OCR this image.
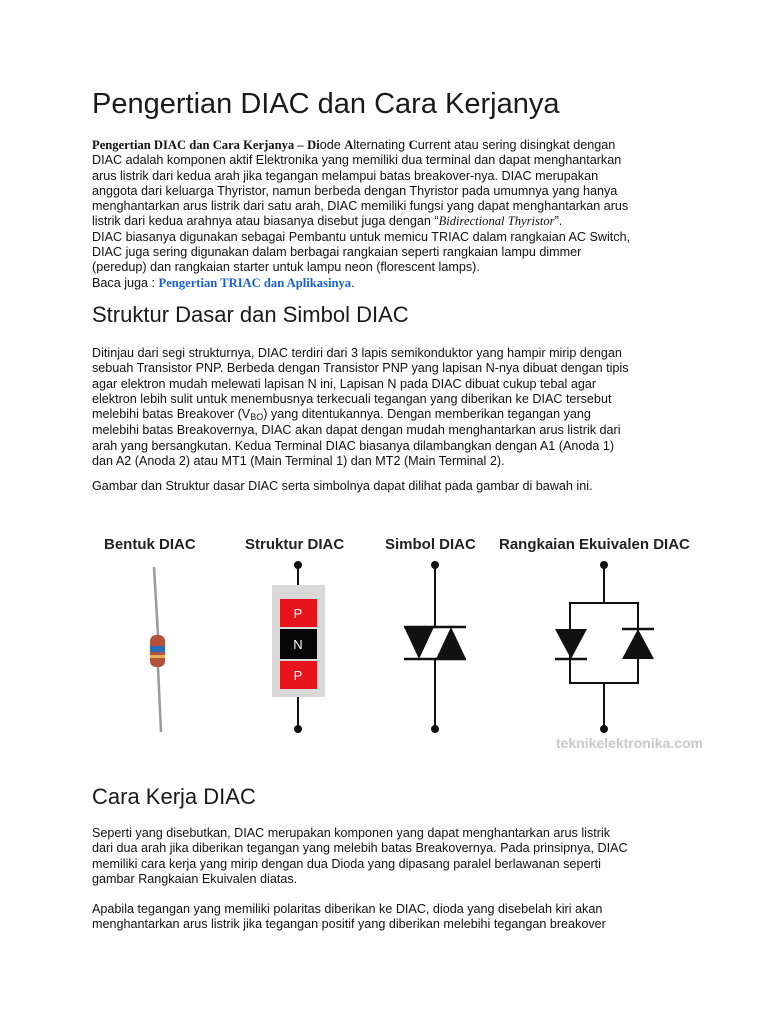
Pengertian DIAC dan Cara Kerjanya
Pengertian DIAC dan Cara Kerjanya – Diode Alternating Current atau sering disingkat dengan
DIAC adalah komponen aktif Elektronika yang memiliki dua terminal dan dapat menghantarkan
arus listrik dari kedua arah jika tegangan melampui batas breakover-nya. DIAC merupakan
anggota dari keluarga Thyristor, namun berbeda dengan Thyristor pada umumnya yang hanya
menghantarkan arus listrik dari satu arah, DIAC memiliki fungsi yang dapat menghantarkan arus
listrik dari kedua arahnya atau biasanya disebut juga dengan “Bidirectional Thyristor”.
DIAC biasanya digunakan sebagai Pembantu untuk memicu TRIAC dalam rangkaian AC Switch,
DIAC juga sering digunakan dalam berbagai rangkaian seperti rangkaian lampu dimmer
(peredup) dan rangkaian starter untuk lampu neon (florescent lamps).
Baca juga : Pengertian TRIAC dan Aplikasinya.
Struktur Dasar dan Simbol DIAC
Ditinjau dari segi strukturnya, DIAC terdiri dari 3 lapis semikonduktor yang hampir mirip dengan
sebuah Transistor PNP. Berbeda dengan Transistor PNP yang lapisan N-nya dibuat dengan tipis
agar elektron mudah melewati lapisan N ini, Lapisan N pada DIAC dibuat cukup tebal agar
elektron lebih sulit untuk menembusnya terkecuali tegangan yang diberikan ke DIAC tersebut
melebihi batas Breakover (VBO) yang ditentukannya. Dengan memberikan tegangan yang
melebihi batas Breakovernya, DIAC akan dapat dengan mudah menghantarkan arus listrik dari
arah yang bersangkutan. Kedua Terminal DIAC biasanya dilambangkan dengan A1 (Anoda 1)
dan A2 (Anoda 2) atau MT1 (Main Terminal 1) dan MT2 (Main Terminal 2).
Gambar dan Struktur dasar DIAC serta simbolnya dapat dilihat pada gambar di bawah ini.
Cara Kerja DIAC
Seperti yang disebutkan, DIAC merupakan komponen yang dapat menghantarkan arus listrik
dari dua arah jika diberikan tegangan yang melebih batas Breakovernya. Pada prinsipnya, DIAC
memiliki cara kerja yang mirip dengan dua Dioda yang dipasang paralel berlawanan seperti
gambar Rangkaian Ekuivalen diatas.
Apabila tegangan yang memiliki polaritas diberikan ke DIAC, dioda yang disebelah kiri akan
menghantarkan arus listrik jika tegangan positif yang diberikan melebihi tegangan breakover
Bentuk DIAC	Struktur DIAC	Simbol DIAC Rangkaian Ekuivalen DIAC
P
N
P
teknikelektronika.com
